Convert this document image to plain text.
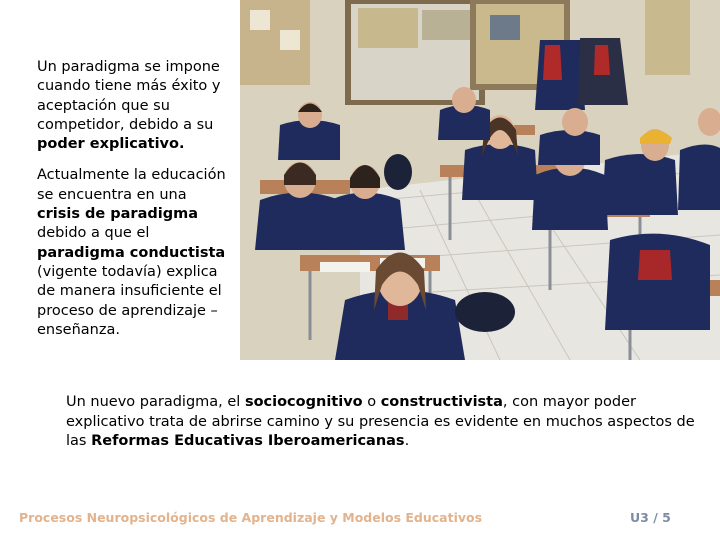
Un paradigma se impone cuando tiene más éxito y aceptación que su competidor, debido a su poder explicativo.

Actualmente la educación se encuentra en una crisis de paradigma debido a que el paradigma conductista (vigente todavía) explica de manera insuficiente el proceso de aprendizaje – enseñanza.

Un nuevo paradigma, el sociocognitivo o constructivista, con mayor poder explicativo trata de abrirse camino y su presencia es evidente en muchos aspectos de las Reformas Educativas Iberoamericanas.
Procesos Neuropsicológicos de Aprendizaje y Modelos Educativos	U3 / 5
